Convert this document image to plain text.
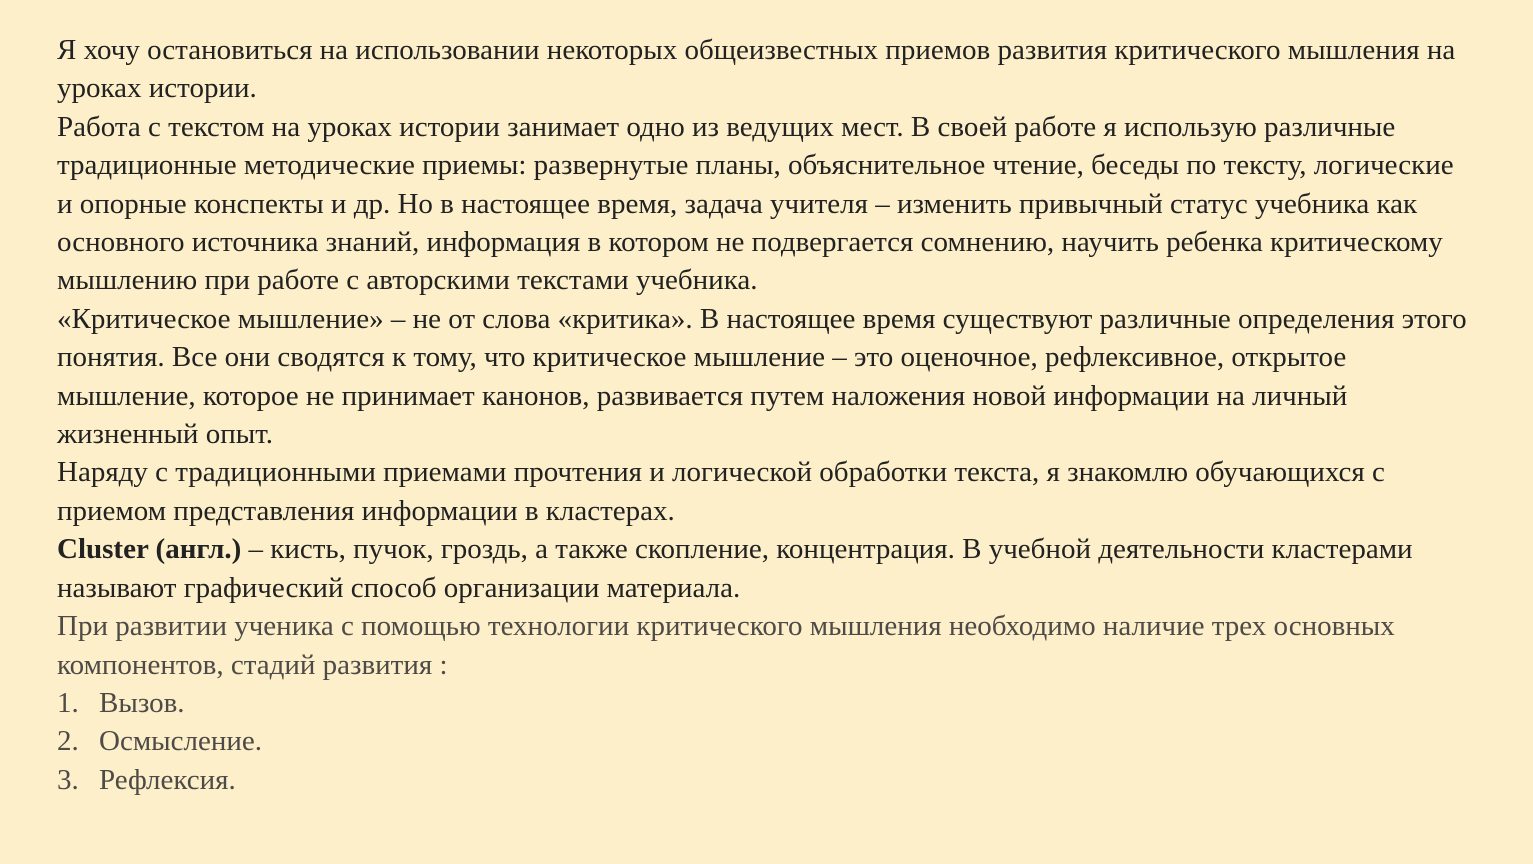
Я хочу остановиться на использовании некоторых общеизвестных приемов развития критического мышления на уроках истории.

Работа с текстом на уроках истории занимает одно из ведущих мест. В своей работе я использую различные традиционные методические приемы: развернутые планы, объяснительное чтение, беседы по тексту, логические и опорные конспекты и др. Но в настоящее время, задача учителя – изменить привычный статус учебника как основного источника знаний, информация в котором не подвергается сомнению, научить ребенка критическому мышлению при работе с авторскими текстами учебника.

«Критическое мышление» – не от слова «критика». В настоящее время существуют различные определения этого понятия. Все они сводятся к тому, что критическое мышление – это оценочное, рефлексивное, открытое мышление, которое не принимает канонов, развивается путем наложения новой информации на личный жизненный опыт.

Наряду с традиционными приемами прочтения и логической обработки текста, я знакомлю обучающихся с приемом представления информации в кластерах.

Cluster (англ.) – кисть, пучок, гроздь, а также скопление, концентрация. В учебной деятельности кластерами называют графический способ организации материала.

При развитии ученика с помощью технологии критического мышления необходимо наличие трех основных компонентов, стадий развития :

1. Вызов.
2. Осмысление.
3. Рефлексия.
